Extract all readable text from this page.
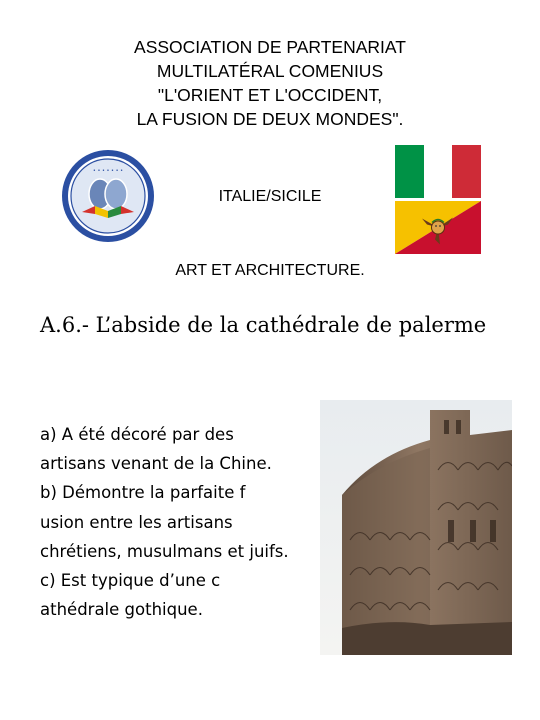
ASSOCIATION DE PARTENARIAT
MULTILATÉRAL COMENIUS
"L'ORIENT ET L'OCCIDENT,
LA FUSION DE DEUX MONDES".
• • • • • • •
ITALIE/SICILE
ART ET ARCHITECTURE.
A.6.- L’abside de la cathédrale de palerme
a) A été décoré par des
artisans venant de la Chine.
b) Démontre la parfaite f
usion entre les artisans
chrétiens, musulmans et juifs.
c) Est typique d’une c
athédrale gothique.
